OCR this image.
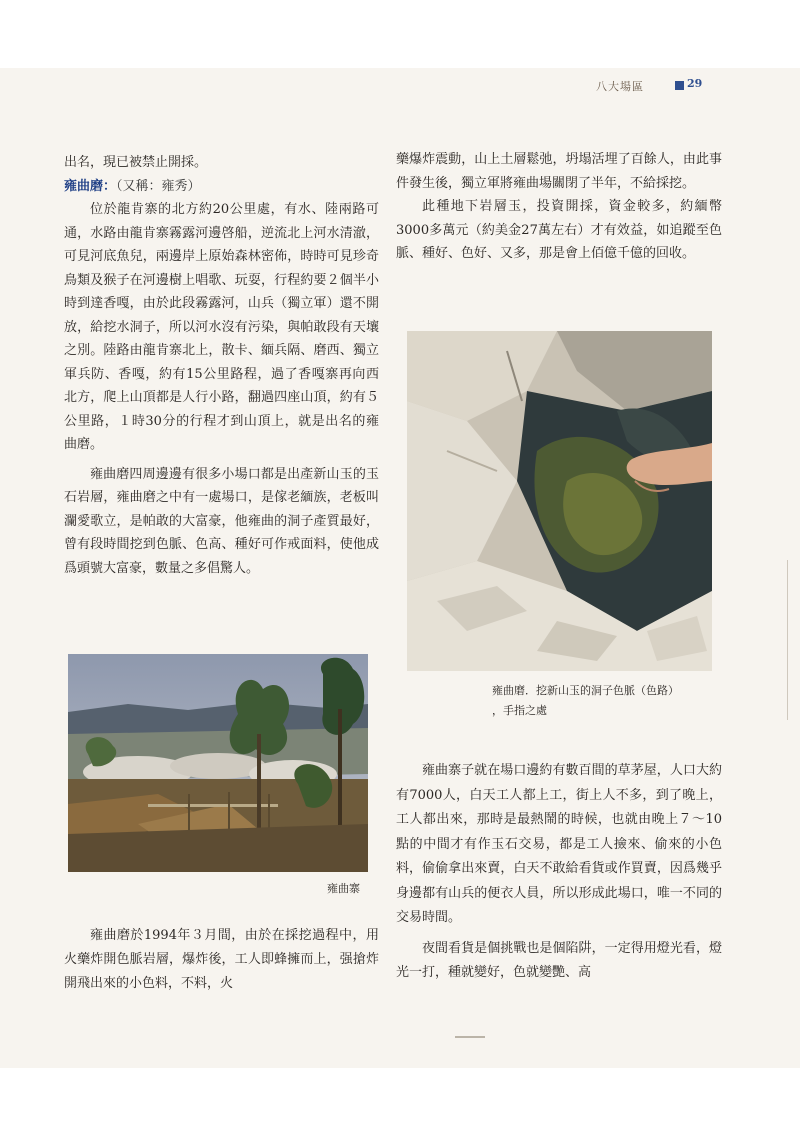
八大場區	29

出名，現已被禁止開採。

雍曲磨：（又稱：雍秀）

位於龍肯寨的北方約20公里處，有水、陸兩路可通，水路由龍肯寨霧露河邊啓船，逆流北上河水清澈，可見河底魚兒，兩邊岸上原始森林密佈，時時可見珍奇鳥類及猴子在河邊樹上唱歌、玩耍，行程約要２個半小時到達香嘎，由於此段霧露河，山兵（獨立軍）還不開放，給挖水洞子，所以河水沒有污染，與帕敢段有天壤之別。陸路由龍肯寨北上，散卡、緬兵隔、磨西、獨立軍兵防、香嘎，約有15公里路程，過了香嘎寨再向西北方，爬上山頂都是人行小路，翻過四座山頂，約有５公里路，１時30分的行程才到山頂上，就是出名的雍曲磨。

雍曲磨四周邊邊有很多小場口都是出產新山玉的玉石岩層，雍曲磨之中有一處場口，是傢老緬族，老板叫瀾愛歌立，是帕敢的大富豪，他雍曲的洞子產質最好，曾有段時間挖到色脈、色高、種好可作戒面料，使他成爲頭號大富豪，數量之多倡驚人。

雍曲寨

雍曲磨於1994年３月間，由於在採挖過程中，用火藥炸開色脈岩層，爆炸後，工人即蜂擁而上，强搶炸開飛出來的小色料，不料，火

藥爆炸震動，山上土層鬆弛，坍塌活埋了百餘人，由此事件發生後，獨立軍將雍曲場關閉了半年，不給採挖。

此種地下岩層玉，投資開採，資金較多，約緬幣3000多萬元（約美金27萬左右）才有效益，如追蹤至色脈、種好、色好、又多，那是會上佰億千億的回收。

雍曲磨．挖新山玉的洞子色脈（色路）
，手指之處

雍曲寨子就在場口邊約有數百間的草茅屋，人口大約有7000人，白天工人都上工，街上人不多，到了晚上，工人都出來，那時是最熱鬧的時候，也就由晚上７～10點的中間才有作玉石交易，都是工人撿來、偷來的小色料，偷偷拿出來賣，白天不敢給看貨或作買賣，因爲幾乎身邊都有山兵的便衣人員，所以形成此場口，唯一不同的交易時間。

夜間看貨是個挑戰也是個陷阱，一定得用燈光看，燈光一打，種就變好，色就變艷、高
